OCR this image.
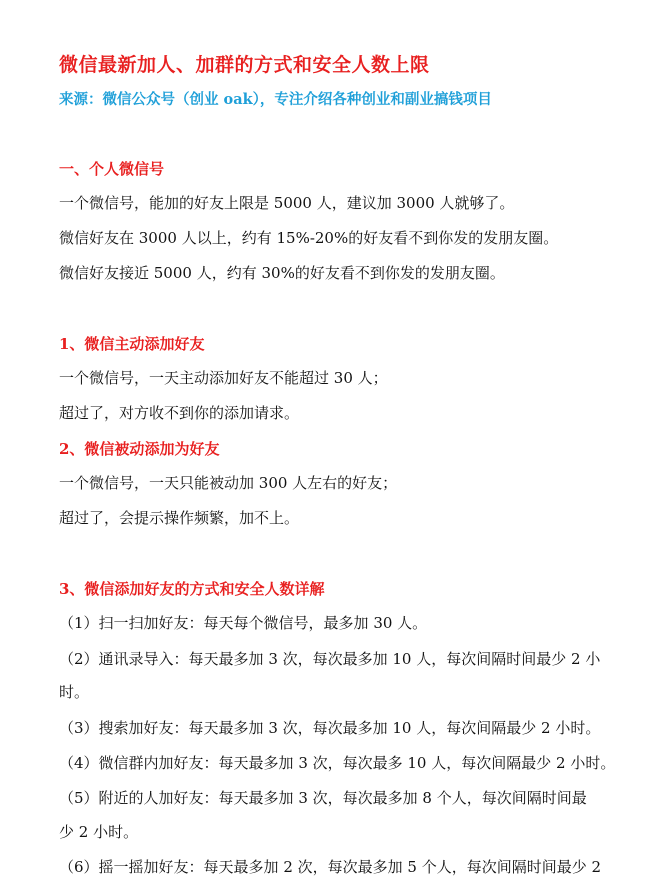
微信最新加人、加群的方式和安全人数上限

来源：微信公众号（创业 oak），专注介绍各种创业和副业搞钱项目

一、个人微信号

一个微信号，能加的好友上限是 5000 人，建议加 3000 人就够了。

微信好友在 3000 人以上，约有 15%-20%的好友看不到你发的发朋友圈。

微信好友接近 5000 人，约有 30%的好友看不到你发的发朋友圈。

1、微信主动添加好友

一个微信号，一天主动添加好友不能超过 30 人；

超过了，对方收不到你的添加请求。

2、微信被动添加为好友

一个微信号，一天只能被动加 300 人左右的好友；

超过了，会提示操作频繁，加不上。

3、微信添加好友的方式和安全人数详解

（1）扫一扫加好友：每天每个微信号，最多加 30 人。

（2）通讯录导入：每天最多加 3 次，每次最多加 10 人，每次间隔时间最少 2 小

时。

（3）搜索加好友：每天最多加 3 次，每次最多加 10 人，每次间隔最少 2 小时。

（4）微信群内加好友：每天最多加 3 次，每次最多 10 人，每次间隔最少 2 小时。

（5）附近的人加好友：每天最多加 3 次，每次最多加 8 个人，每次间隔时间最

少 2 小时。

（6）摇一摇加好友：每天最多加 2 次，每次最多加 5 个人，每次间隔时间最少 2
